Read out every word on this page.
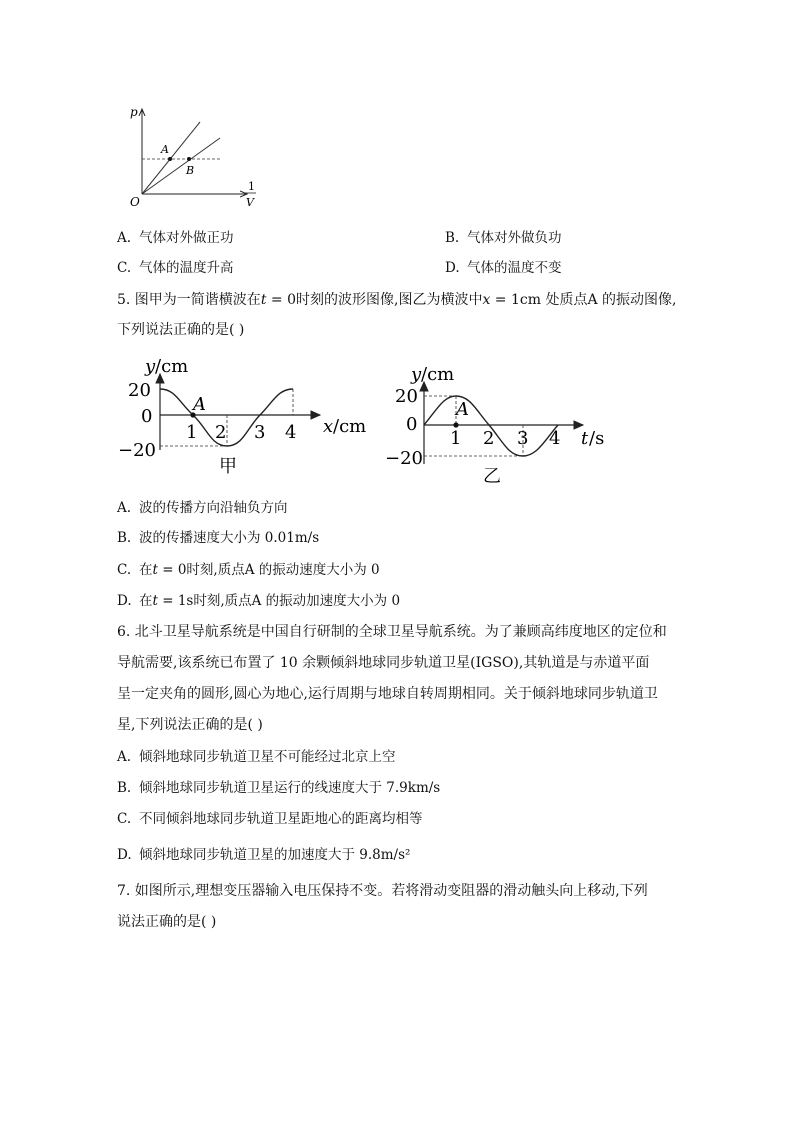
p
A
B
O
1
V
A. 气体对外做正功	B. 气体对外做负功
C. 气体的温度升高	D. 气体的温度不变
5. 图甲为一简谐横波在t = 0时刻的波形图像,图乙为横波中x = 1cm 处质点A 的振动图像,
下列说法正确的是( )
y /cm
20
0
−20
A
1 2 3 4 x /cm
甲
y /cm
20
0
−20
A
1 2 3 4 t /s
乙
A. 波的传播方向沿轴负方向
B. 波的传播速度大小为 0.01m/s
C. 在t = 0时刻,质点A 的振动速度大小为 0
D. 在t = 1s时刻,质点A 的振动加速度大小为 0
6. 北斗卫星导航系统是中国自行研制的全球卫星导航系统。为了兼顾高纬度地区的定位和
导航需要,该系统已布置了 10 余颗倾斜地球同步轨道卫星(IGSO),其轨道是与赤道平面
呈一定夹角的圆形,圆心为地心,运行周期与地球自转周期相同。关于倾斜地球同步轨道卫
星,下列说法正确的是( )
A. 倾斜地球同步轨道卫星不可能经过北京上空
B. 倾斜地球同步轨道卫星运行的线速度大于 7.9km/s
C. 不同倾斜地球同步轨道卫星距地心的距离均相等
D. 倾斜地球同步轨道卫星的加速度大于 9.8m/s²
7. 如图所示,理想变压器输入电压保持不变。若将滑动变阻器的滑动触头向上移动,下列
说法正确的是( )
